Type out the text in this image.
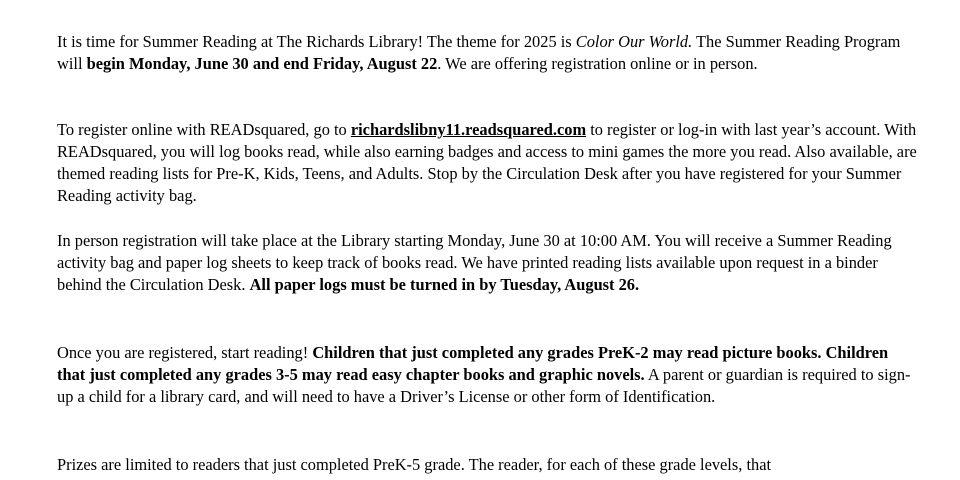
It is time for Summer Reading at The Richards Library! The theme for 2025 is Color Our World. The Summer Reading Program will begin Monday, June 30 and end Friday, August 22. We are offering registration online or in person.

To register online with READsquared, go to richardslibny11.readsquared.com to register or log-in with last year’s account. With READsquared, you will log books read, while also earning badges and access to mini games the more you read. Also available, are themed reading lists for Pre-K, Kids, Teens, and Adults. Stop by the Circulation Desk after you have registered for your Summer Reading activity bag.

In person registration will take place at the Library starting Monday, June 30 at 10:00 AM. You will receive a Summer Reading activity bag and paper log sheets to keep track of books read. We have printed reading lists available upon request in a binder behind the Circulation Desk. All paper logs must be turned in by Tuesday, August 26.

Once you are registered, start reading! Children that just completed any grades PreK-2 may read picture books. Children that just completed any grades 3-5 may read easy chapter books and graphic novels. A parent or guardian is required to sign-up a child for a library card, and will need to have a Driver’s License or other form of Identification.

Prizes are limited to readers that just completed PreK-5 grade. The reader, for each of these grade levels, that
